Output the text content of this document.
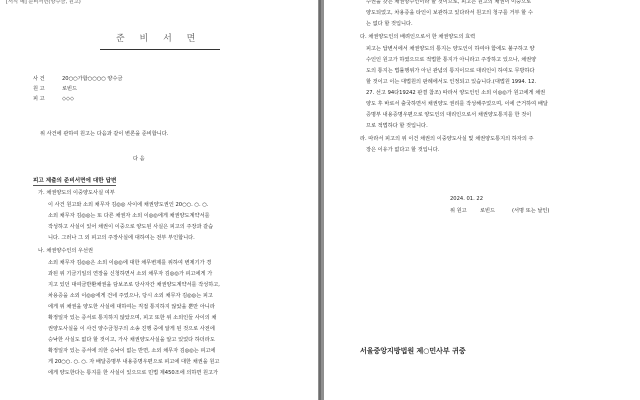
[서식 예] 준비서면(양수금, 원고)
준 비 서 면
사 건	20○○가합○○○○ 양수금
원 고	로빈드
피 고	◇◇◇
위 사건에 관하여 원고는 다음과 같이 변론을 준비합니다.
다 음
피고 제출의 준비서면에 대한 답변
가. 채권양도의 이중양도사실 여부
이 사건 원고와 소외 채무자 김◎◎ 사이에 채권양도권인 20○○. ○. ○.
소외 채무자 김◎◎는 또 다른 채권자 소외 이◎◎에게 채권양도계약서를
작성하고 사실이 있어 채권이 이중으로 양도된 사실은 피고의 주장과 같습
니다. 그러나 그 외 피고의 주장사실에 대하여는 전부 부인합니다.
나. 채권양수인의 우선권
소외 채무자 김◎◎은 소외 이◎◎에 대한 채무변제를 위하여 변제기가 경
과된 위 기금기일의 연장을 신청하면서 소외 채무자 김◎◎가 피고에게 가
지고 있던 대여금반환채권을 담보조로 당사자간 채권양도계약서를 작성하고,
차용증을 소외 이◎◎에게 건네 주었으나, 당시 소외 채무자 김◎◎는 피고
에게 위 채권을 양도한 사실에 대하여는 직접 통지하지 않았을 뿐만 아니라
확정일자 있는 증서로 통지하지 않았으며, 피고 또한 위 소외인들 사이의 채
권양도사실을 이 사건 양수금청구의 소송 진행 중에 알게 된 것으로 사전에
승낙한 사실도 없다 할 것이고, 가사 채권양도사실을 알고 있었다 하더라도
확정일자 있는 증서에 의한 승낙이 없는 반면, 소외 채무자 김◎◎는 피고에
게 20○○. ○. ○. 자 배달증명부 내용증명우편으로 피고에 대한 채권을 원고
에게 양도한다는 통지를 한 사실이 있으므로 민법 제450조에 의하면 원고가
수권을 갖는 채권양수인이라 할 것이므로, 피고는 원고의 채권이 이중으로
양도되었고, 차용증을 타인이 보관하고 있다라서 원고의 청구를 거부 할 수
는 없다 할 것입니다.
다. 채권양도인의 배려인으로서 한 채권양도의 효력
피고는 답변서에서 채권양도의 통지는 양도인이 하여야 함에도 불구하고 양
수인인 원고가 하였으므로 적법한 통지가 아니라고 주장하고 있으나, 채권양
도의 통지는 법률행위가 아닌 관념의 통지이므로 대리인이 하여도 무방하다
할 것이고 이는 대법원의 판례에서도 인정되고 있습니다.(대법원 1994. 12.
27. 선고 94다19242 판결 참조) 따라서 양도인인 소외 이◎◎가 원고에게 채권
양도 후 바로서 출국하면서 채권양도 권리를 작성해주었으며, 이에 근거하여 배달
증명부 내용증명우편으로 양도인의 대리인으로서 채권양도통지를 한 것이
므로 적법하다 할 것입니다.
라. 따라서 피고의 위 이건 채권의 이중양도사실 및 채권양도통지의 하자의 주
장은 이유가 없다고 할 것입니다.
2024. 01. 22
위 원고	로빈드	(서명 또는 날인)
서울중앙지방법원 제○민사부 귀중
